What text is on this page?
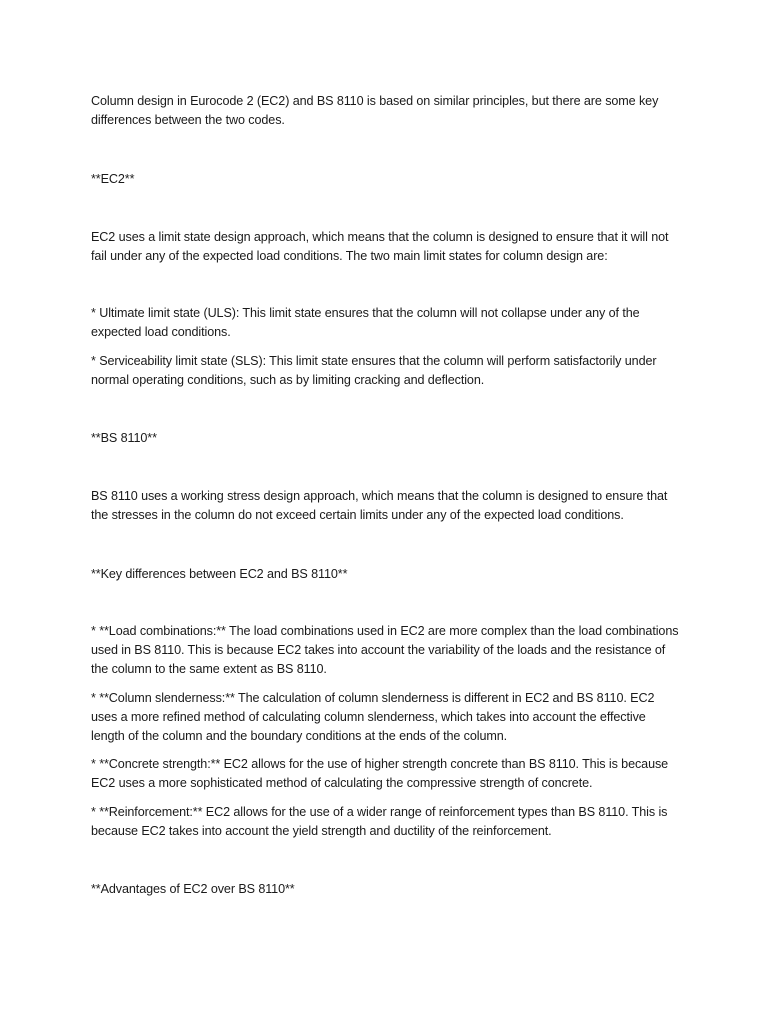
Column design in Eurocode 2 (EC2) and BS 8110 is based on similar principles, but there are some key differences between the two codes.

**EC2**

EC2 uses a limit state design approach, which means that the column is designed to ensure that it will not fail under any of the expected load conditions. The two main limit states for column design are:

* Ultimate limit state (ULS): This limit state ensures that the column will not collapse under any of the expected load conditions.

* Serviceability limit state (SLS): This limit state ensures that the column will perform satisfactorily under normal operating conditions, such as by limiting cracking and deflection.

**BS 8110**

BS 8110 uses a working stress design approach, which means that the column is designed to ensure that the stresses in the column do not exceed certain limits under any of the expected load conditions.

**Key differences between EC2 and BS 8110**

* **Load combinations:** The load combinations used in EC2 are more complex than the load combinations used in BS 8110. This is because EC2 takes into account the variability of the loads and the resistance of the column to the same extent as BS 8110.

* **Column slenderness:** The calculation of column slenderness is different in EC2 and BS 8110. EC2 uses a more refined method of calculating column slenderness, which takes into account the effective length of the column and the boundary conditions at the ends of the column.

* **Concrete strength:** EC2 allows for the use of higher strength concrete than BS 8110. This is because EC2 uses a more sophisticated method of calculating the compressive strength of concrete.

* **Reinforcement:** EC2 allows for the use of a wider range of reinforcement types than BS 8110. This is because EC2 takes into account the yield strength and ductility of the reinforcement.

**Advantages of EC2 over BS 8110**
